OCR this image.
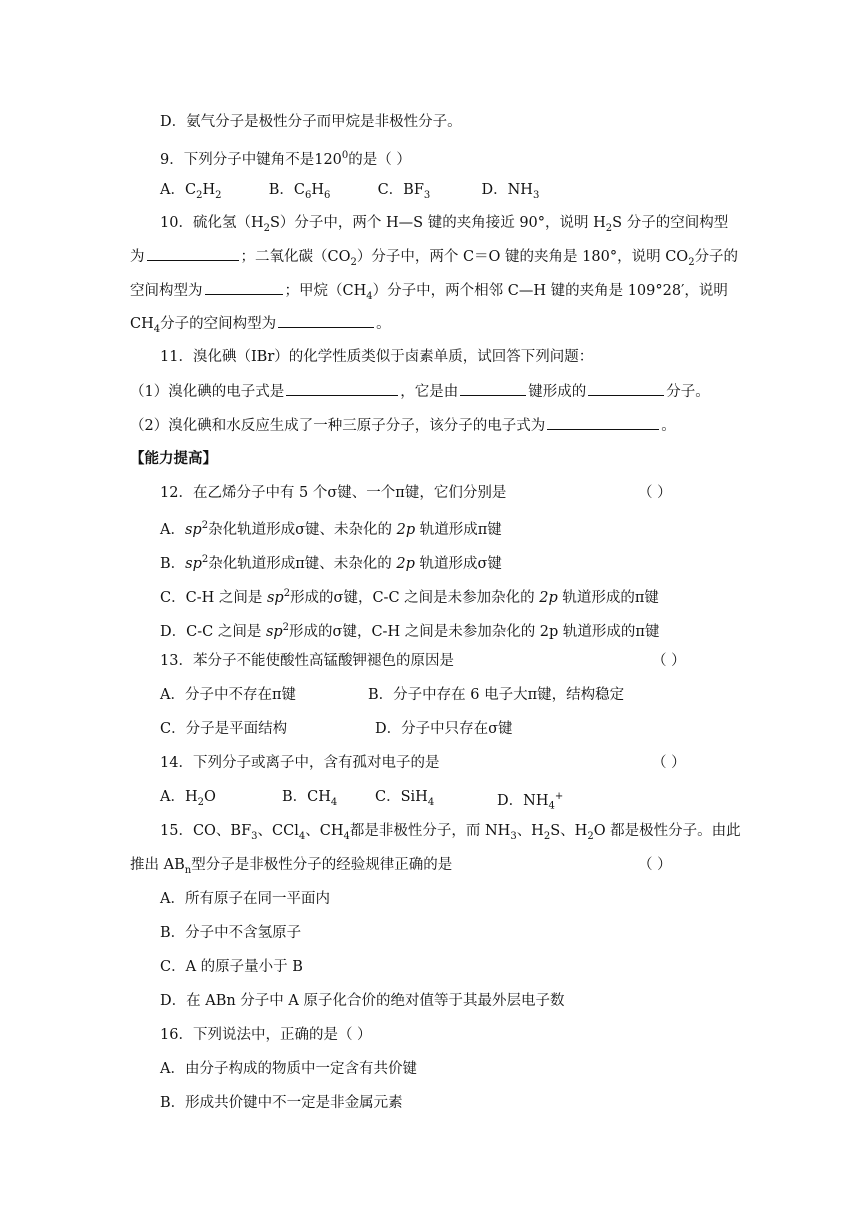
D．氨气分子是极性分子而甲烷是非极性分子。
9．下列分子中键角不是$120^0$的是（ ）
A．$C_2H_2$	B．$C_6H_6$	C．$BF_3$	D．$NH_3$
10．硫化氢$(H_2S)$分子中，两个 H—S 键的夹角接近 90°，说明 $H_2S$ 分子的空间构型
为	；二氧化碳$(CO_2)$分子中，两个 C＝O 键的夹角是 180°，说明 $CO_2$分子的
空间构型为	；甲烷$(CH_4)$分子中，两个相邻 C—H 键的夹角是 109°28′，说明
$CH_4$分子的空间构型为	。
11．溴化碘（IBr）的化学性质类似于卤素单质，试回答下列问题：
（1）溴化碘的电子式是	，它是由	键形成的	分子。
（2）溴化碘和水反应生成了一种三原子分子，该分子的电子式为	。
【能力提高】
12．在乙烯分子中有 5 个σ键、一个π键，它们分别是	（ ）
A．$sp^2$杂化轨道形成σ键、未杂化的 2p 轨道形成π键
B．$sp^2$杂化轨道形成π键、未杂化的 2p 轨道形成σ键
C．C-H 之间是 $sp^2$形成的σ键，C-C 之间是未参加杂化的 2p 轨道形成的π键
D．C-C 之间是 $sp^2$形成的σ键，C-H 之间是未参加杂化的 2p 轨道形成的π键
13．苯分子不能使酸性高锰酸钾褪色的原因是	（ ）
A．分子中不存在π键	B．分子中存在 6 电子大π键，结构稳定
C．分子是平面结构	D．分子中只存在σ键
14．下列分子或离子中，含有孤对电子的是	（ ）
A．$H_2O$	B．$CH_4$	C．SiH$_4$	D．$NH_4^+$
15．CO、$BF_3$、CCl$_4$、$CH_4$都是非极性分子，而 $NH_3$、$H_2S$、$H_2O$ 都是极性分子。由此
推出 $AB_n$型分子是非极性分子的经验规律正确的是	（ ）
A．所有原子在同一平面内
B．分子中不含氢原子
C．A 的原子量小于 B
D．在 ABn 分子中 A 原子化合价的绝对值等于其最外层电子数
16．下列说法中，正确的是（ ）
A．由分子构成的物质中一定含有共价键
B．形成共价键中不一定是非金属元素
